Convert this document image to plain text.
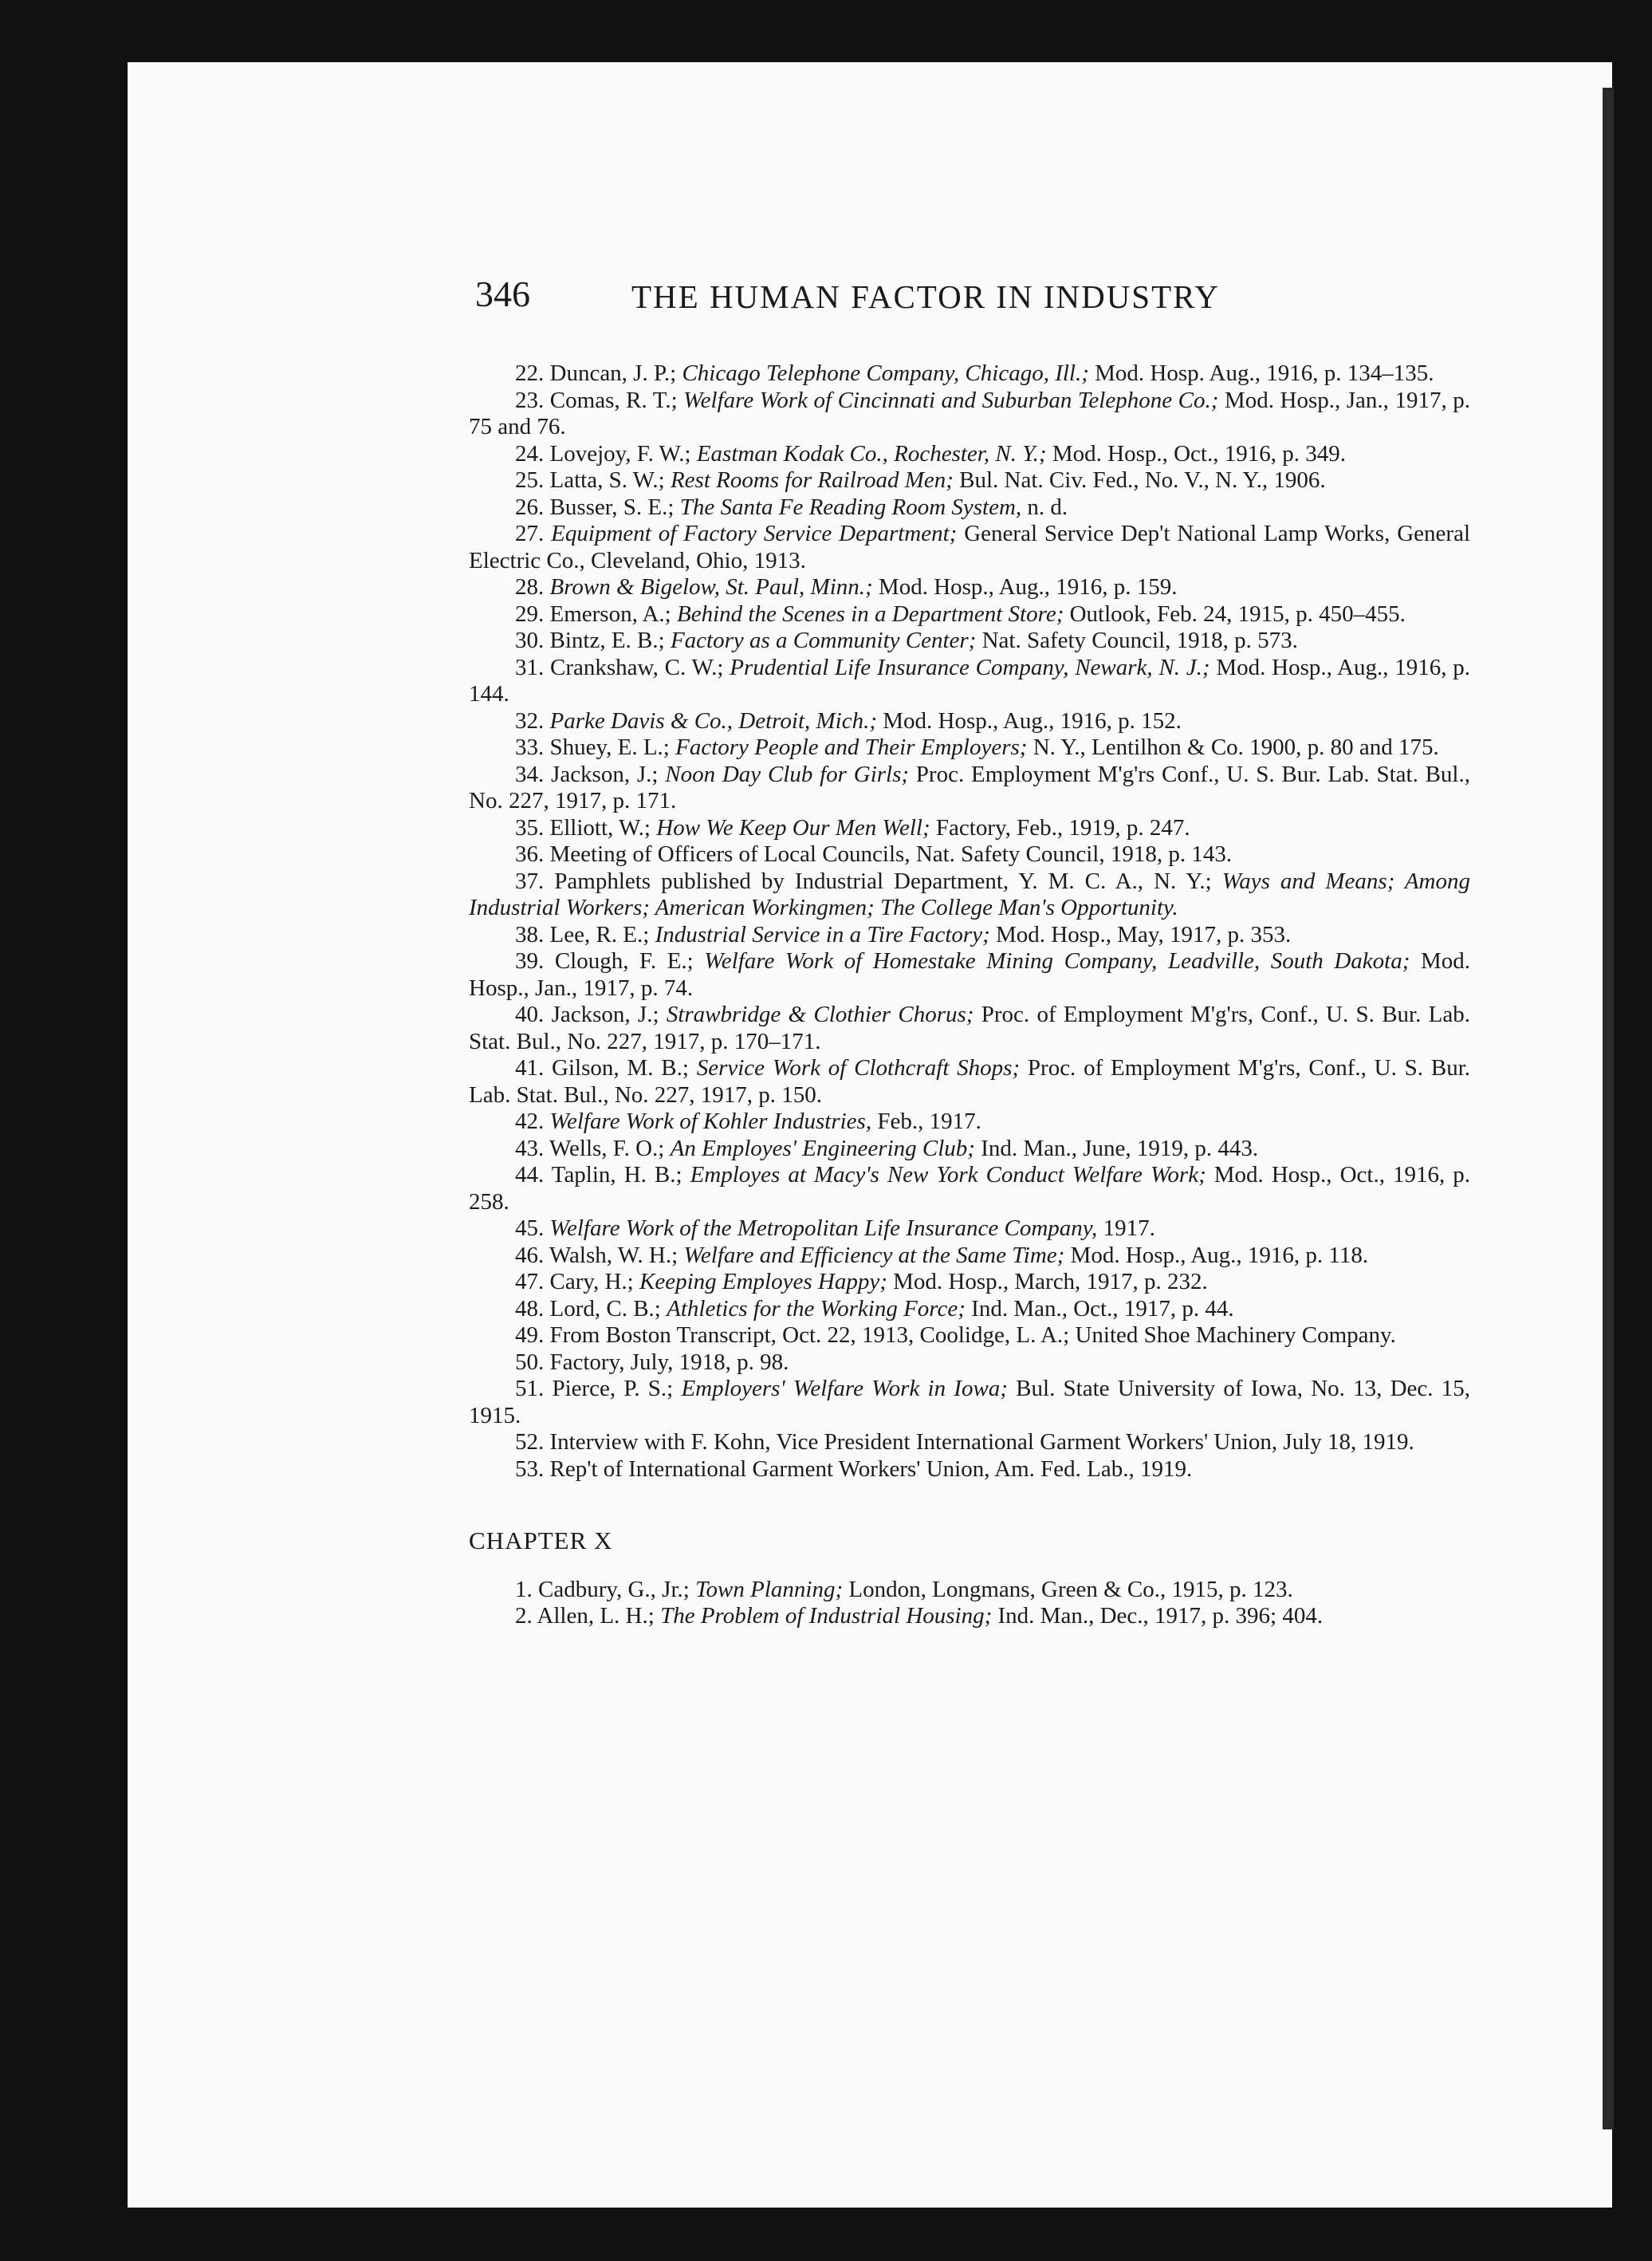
346	THE HUMAN FACTOR IN INDUSTRY

22. Duncan, J. P.; Chicago Telephone Company, Chicago, Ill.; Mod. Hosp. Aug., 1916, p. 134–135.

23. Comas, R. T.; Welfare Work of Cincinnati and Suburban Telephone Co.; Mod. Hosp., Jan., 1917, p. 75 and 76.

24. Lovejoy, F. W.; Eastman Kodak Co., Rochester, N. Y.; Mod. Hosp., Oct., 1916, p. 349.

25. Latta, S. W.; Rest Rooms for Railroad Men; Bul. Nat. Civ. Fed., No. V., N. Y., 1906.

26. Busser, S. E.; The Santa Fe Reading Room System, n. d.

27. Equipment of Factory Service Department; General Service Dep't National Lamp Works, General Electric Co., Cleveland, Ohio, 1913.

28. Brown & Bigelow, St. Paul, Minn.; Mod. Hosp., Aug., 1916, p. 159.

29. Emerson, A.; Behind the Scenes in a Department Store; Outlook, Feb. 24, 1915, p. 450–455.

30. Bintz, E. B.; Factory as a Community Center; Nat. Safety Council, 1918, p. 573.

31. Crankshaw, C. W.; Prudential Life Insurance Company, Newark, N. J.; Mod. Hosp., Aug., 1916, p. 144.

32. Parke Davis & Co., Detroit, Mich.; Mod. Hosp., Aug., 1916, p. 152.

33. Shuey, E. L.; Factory People and Their Employers; N. Y., Lentilhon & Co. 1900, p. 80 and 175.

34. Jackson, J.; Noon Day Club for Girls; Proc. Employment M'g'rs Conf., U. S. Bur. Lab. Stat. Bul., No. 227, 1917, p. 171.

35. Elliott, W.; How We Keep Our Men Well; Factory, Feb., 1919, p. 247.

36. Meeting of Officers of Local Councils, Nat. Safety Council, 1918, p. 143.

37. Pamphlets published by Industrial Department, Y. M. C. A., N. Y.; Ways and Means; Among Industrial Workers; American Workingmen; The College Man's Opportunity.

38. Lee, R. E.; Industrial Service in a Tire Factory; Mod. Hosp., May, 1917, p. 353.

39. Clough, F. E.; Welfare Work of Homestake Mining Company, Leadville, South Dakota; Mod. Hosp., Jan., 1917, p. 74.

40. Jackson, J.; Strawbridge & Clothier Chorus; Proc. of Employment M'g'rs, Conf., U. S. Bur. Lab. Stat. Bul., No. 227, 1917, p. 170–171.

41. Gilson, M. B.; Service Work of Clothcraft Shops; Proc. of Employment M'g'rs, Conf., U. S. Bur. Lab. Stat. Bul., No. 227, 1917, p. 150.

42. Welfare Work of Kohler Industries, Feb., 1917.

43. Wells, F. O.; An Employes' Engineering Club; Ind. Man., June, 1919, p. 443.

44. Taplin, H. B.; Employes at Macy's New York Conduct Welfare Work; Mod. Hosp., Oct., 1916, p. 258.

45. Welfare Work of the Metropolitan Life Insurance Company, 1917.

46. Walsh, W. H.; Welfare and Efficiency at the Same Time; Mod. Hosp., Aug., 1916, p. 118.

47. Cary, H.; Keeping Employes Happy; Mod. Hosp., March, 1917, p. 232.

48. Lord, C. B.; Athletics for the Working Force; Ind. Man., Oct., 1917, p. 44.

49. From Boston Transcript, Oct. 22, 1913, Coolidge, L. A.; United Shoe Machinery Company.

50. Factory, July, 1918, p. 98.

51. Pierce, P. S.; Employers' Welfare Work in Iowa; Bul. State University of Iowa, No. 13, Dec. 15, 1915.

52. Interview with F. Kohn, Vice President International Garment Workers' Union, July 18, 1919.

53. Rep't of International Garment Workers' Union, Am. Fed. Lab., 1919.

CHAPTER X

1. Cadbury, G., Jr.; Town Planning; London, Longmans, Green & Co., 1915, p. 123.

2. Allen, L. H.; The Problem of Industrial Housing; Ind. Man., Dec., 1917, p. 396; 404.
